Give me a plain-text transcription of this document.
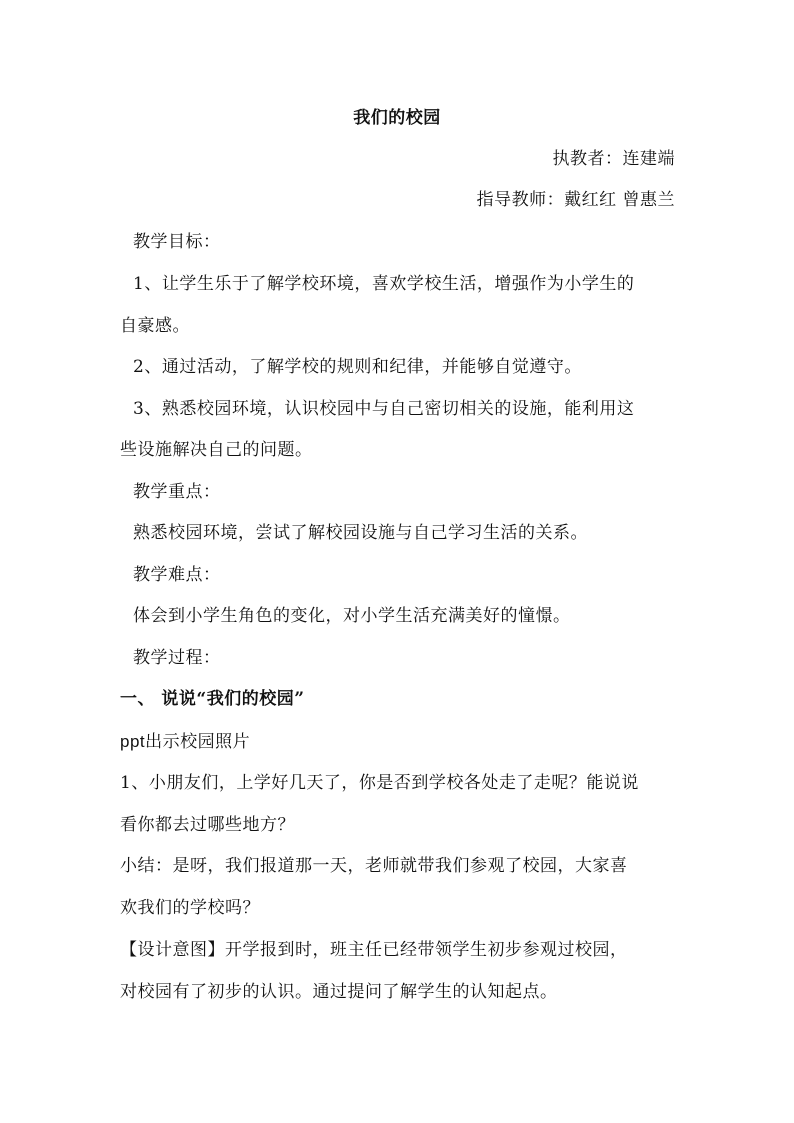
我们的校园
执教者：连建端
指导教师：戴红红 曾惠兰
教学目标：
1、让学生乐于了解学校环境，喜欢学校生活，增强作为小学生的
自豪感。
2、通过活动，了解学校的规则和纪律，并能够自觉遵守。
3、熟悉校园环境，认识校园中与自己密切相关的设施，能利用这
些设施解决自己的问题。
教学重点：
熟悉校园环境，尝试了解校园设施与自己学习生活的关系。
教学难点：
体会到小学生角色的变化，对小学生活充满美好的憧憬。
教学过程：
一、 说说“我们的校园”
ppt出示校园照片
1、小朋友们，上学好几天了，你是否到学校各处走了走呢？能说说
看你都去过哪些地方？
小结：是呀，我们报道那一天，老师就带我们参观了校园，大家喜
欢我们的学校吗？
【设计意图】开学报到时，班主任已经带领学生初步参观过校园，
对校园有了初步的认识。通过提问了解学生的认知起点。
